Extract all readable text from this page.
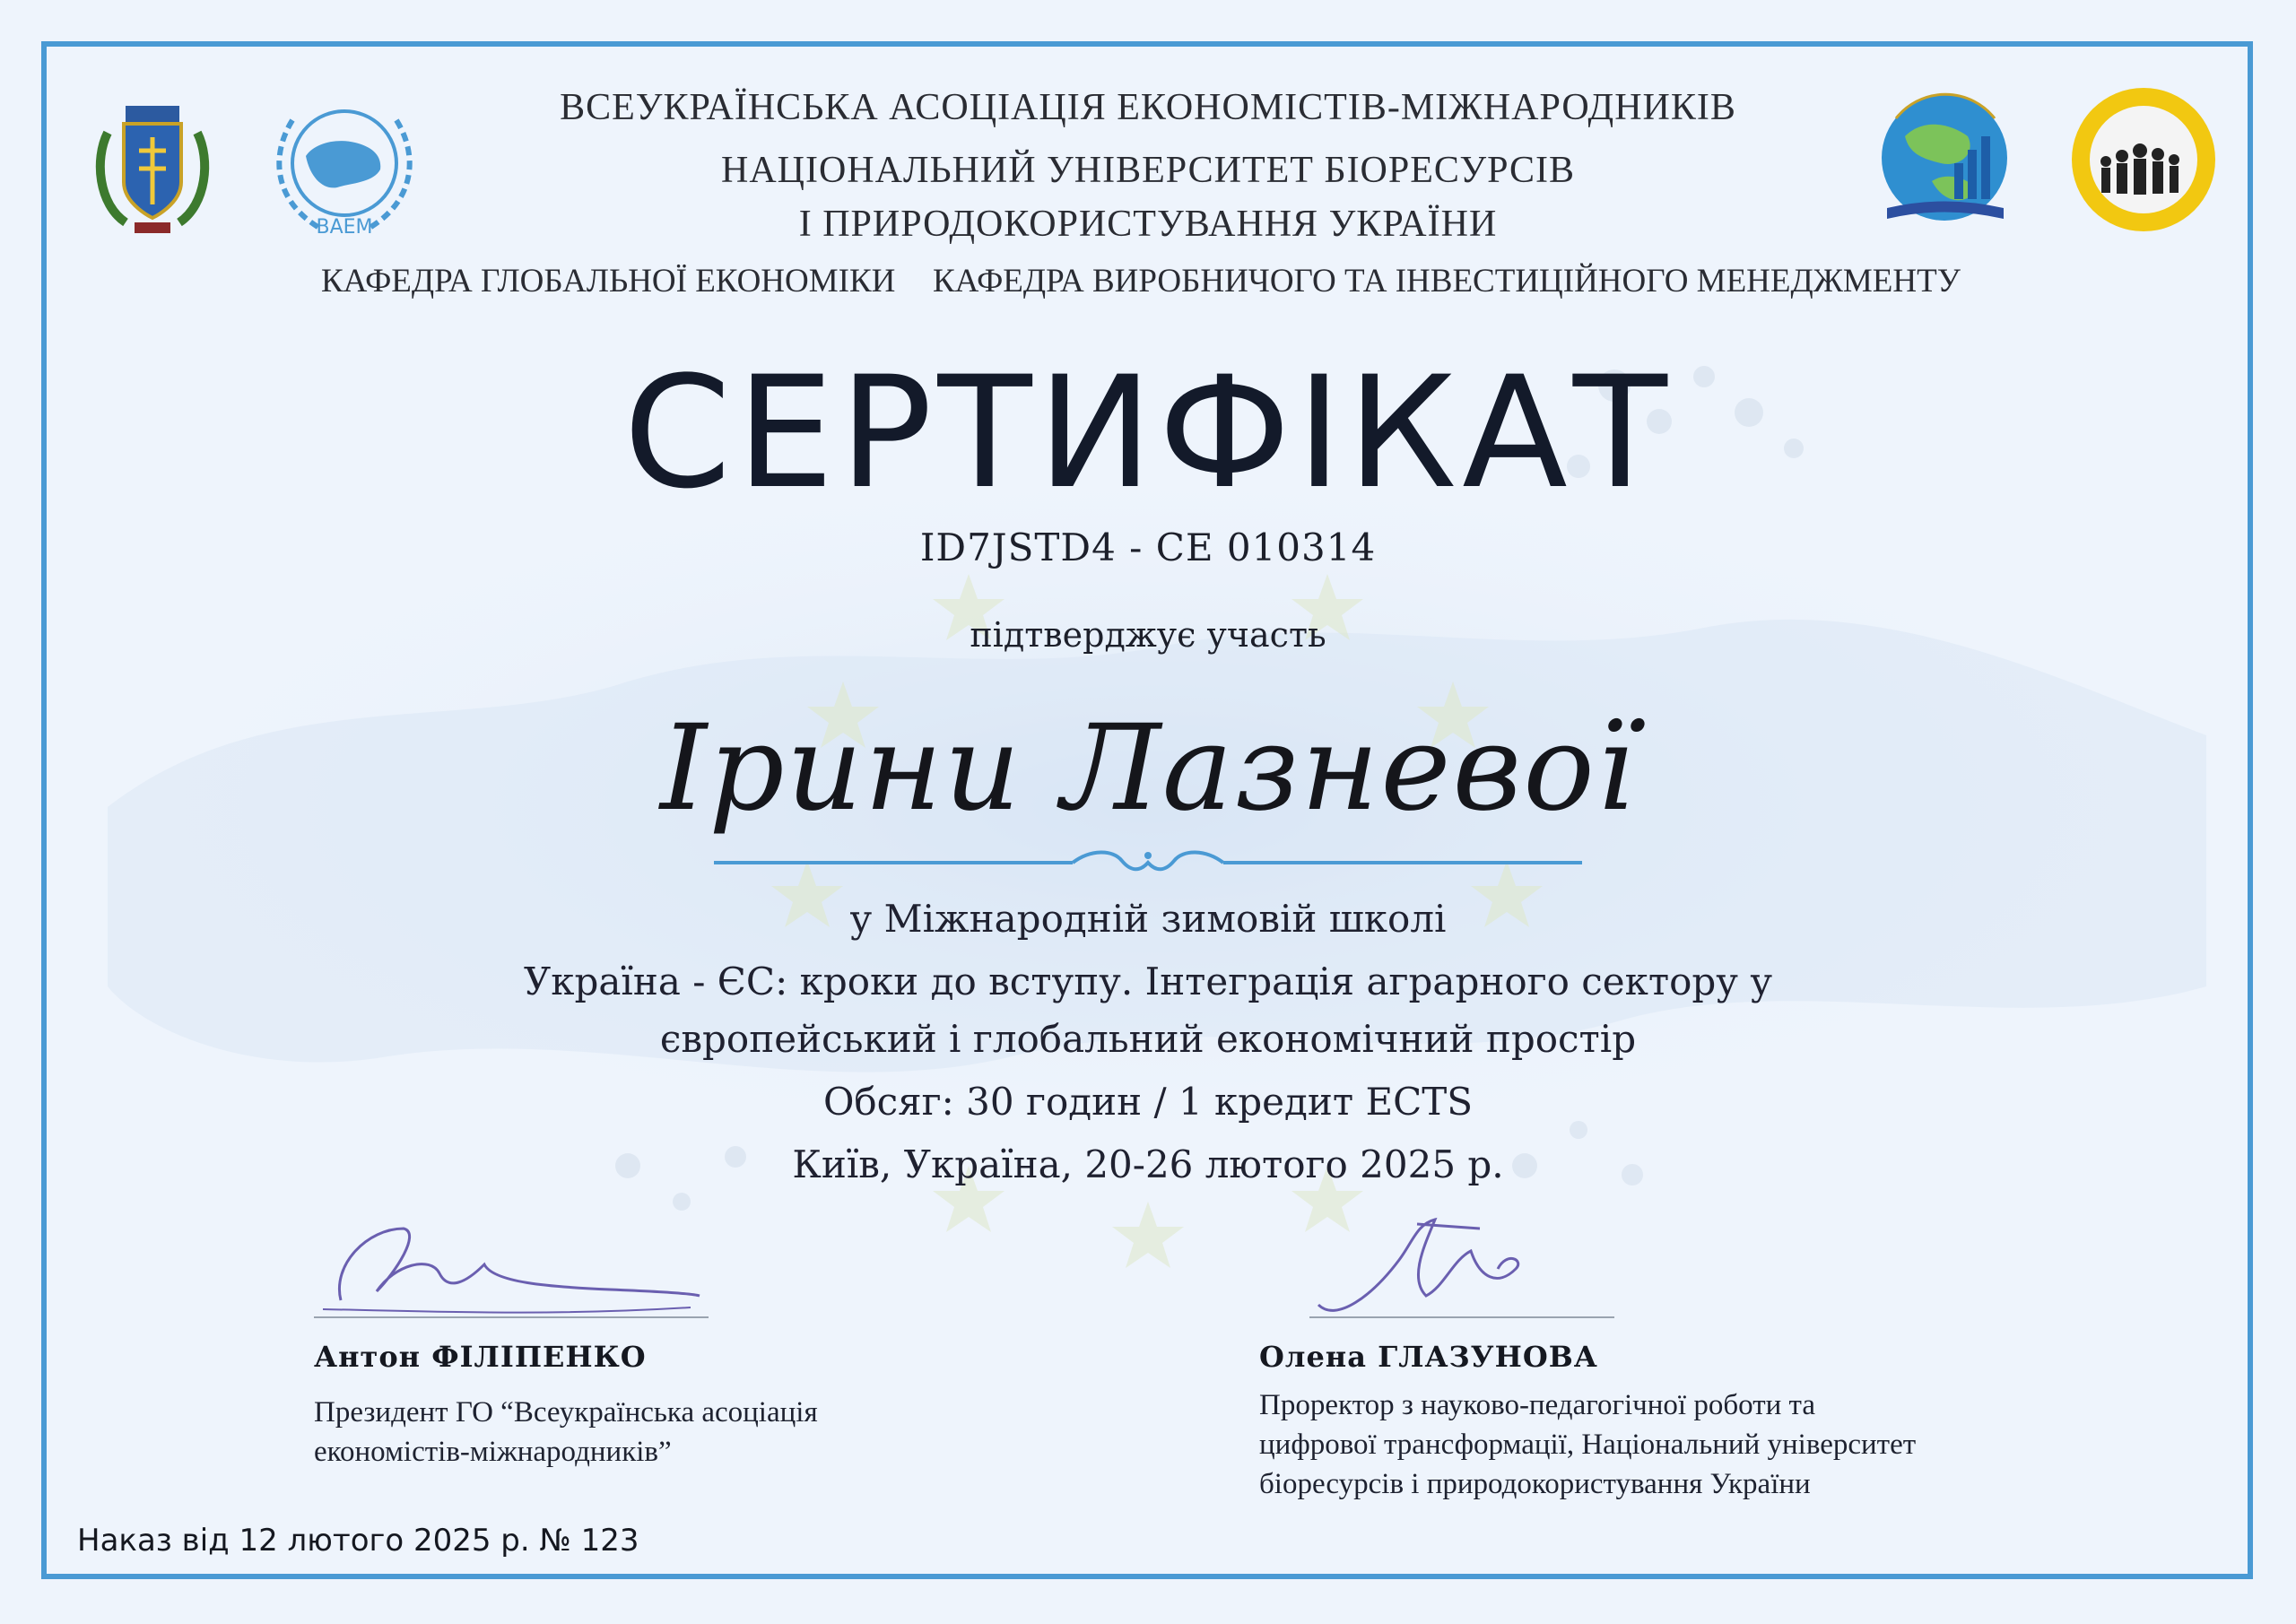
ВАЕМ
ВСЕУКРАЇНСЬКА АСОЦІАЦІЯ ЕКОНОМІСТІВ-МІЖНАРОДНИКІВ
НАЦІОНАЛЬНИЙ УНІВЕРСИТЕТ БІОРЕСУРСІВ
І ПРИРОДОКОРИСТУВАННЯ УКРАЇНИ
КАФЕДРА ГЛОБАЛЬНОЇ ЕКОНОМІКИ КАФЕДРА ВИРОБНИЧОГО ТА ІНВЕСТИЦІЙНОГО МЕНЕДЖМЕНТУ
СЕРТИФІКАТ
ID7JSTD4 - CE 010314
підтверджує участь
Ірини Лазневої
у Міжнародній зимовій школі
Україна - ЄС: кроки до вступу. Інтеграція аграрного сектору у
європейський і глобальний економічний простір
Обсяг: 30 годин / 1 кредит ECTS
Київ, Україна, 20-26 лютого 2025 р.
Антон ФІЛІПЕНКО
Президент ГО “Всеукраїнська асоціація
економістів-міжнародників”
Олена ГЛАЗУНОВА
Проректор з науково-педагогічної роботи та
цифрової трансформації, Національний університет
біоресурсів і природокористування України
Наказ від 12 лютого 2025 р. № 123
